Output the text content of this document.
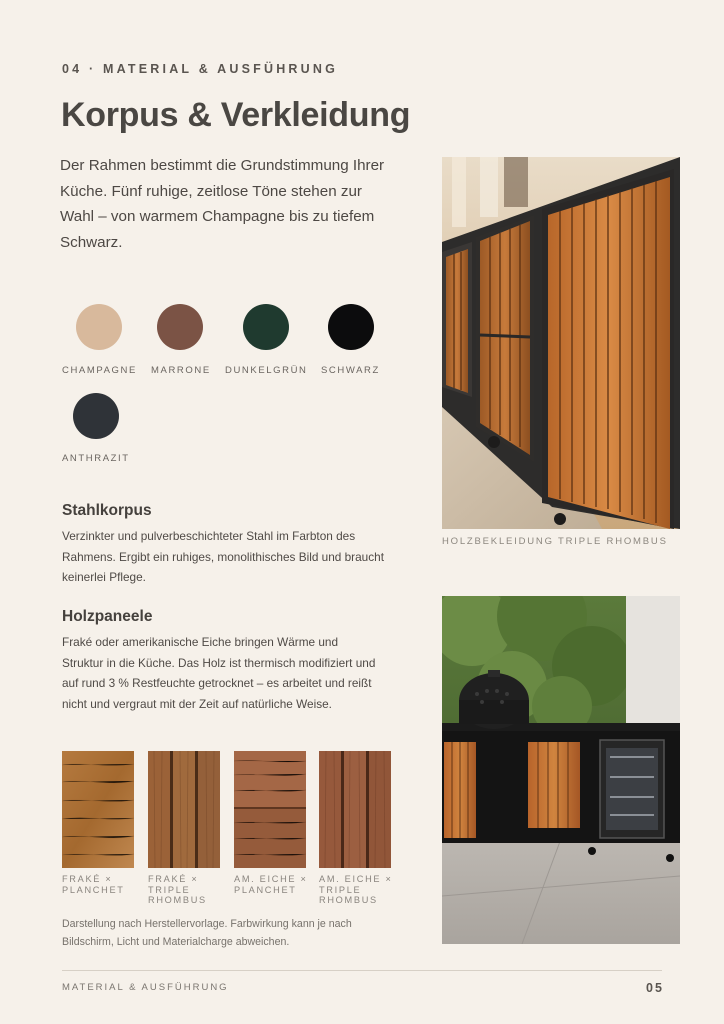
04 · MATERIAL & AUSFÜHRUNG
Korpus & Verkleidung
Der Rahmen bestimmt die Grundstimmung Ihrer Küche. Fünf ruhige, zeitlose Töne stehen zur Wahl – von warmem Champagne bis zu tiefem Schwarz.
CHAMPAGNE MARRONE DUNKELGRÜN SCHWARZ
ANTHRAZIT
Stahlkorpus
Verzinkter und pulverbeschichteter Stahl im Farbton des Rahmens. Ergibt ein ruhiges, monolithisches Bild und braucht keinerlei Pflege.
Holzpaneele
Fraké oder amerikanische Eiche bringen Wärme und Struktur in die Küche. Das Holz ist thermisch modifiziert und auf rund 3 % Restfeuchte getrocknet – es arbeitet und reißt nicht und vergraut mit der Zeit auf natürliche Weise.
FRAKÉ × PLANCHET
FRAKÉ × TRIPLE RHOMBUS
AM. EICHE × PLANCHET
AM. EICHE × TRIPLE RHOMBUS
Darstellung nach Herstellervorlage. Farbwirkung kann je nach Bildschirm, Licht und Materialcharge abweichen.
HOLZBEKLEIDUNG TRIPLE RHOMBUS
MATERIAL & AUSFÜHRUNG	05
